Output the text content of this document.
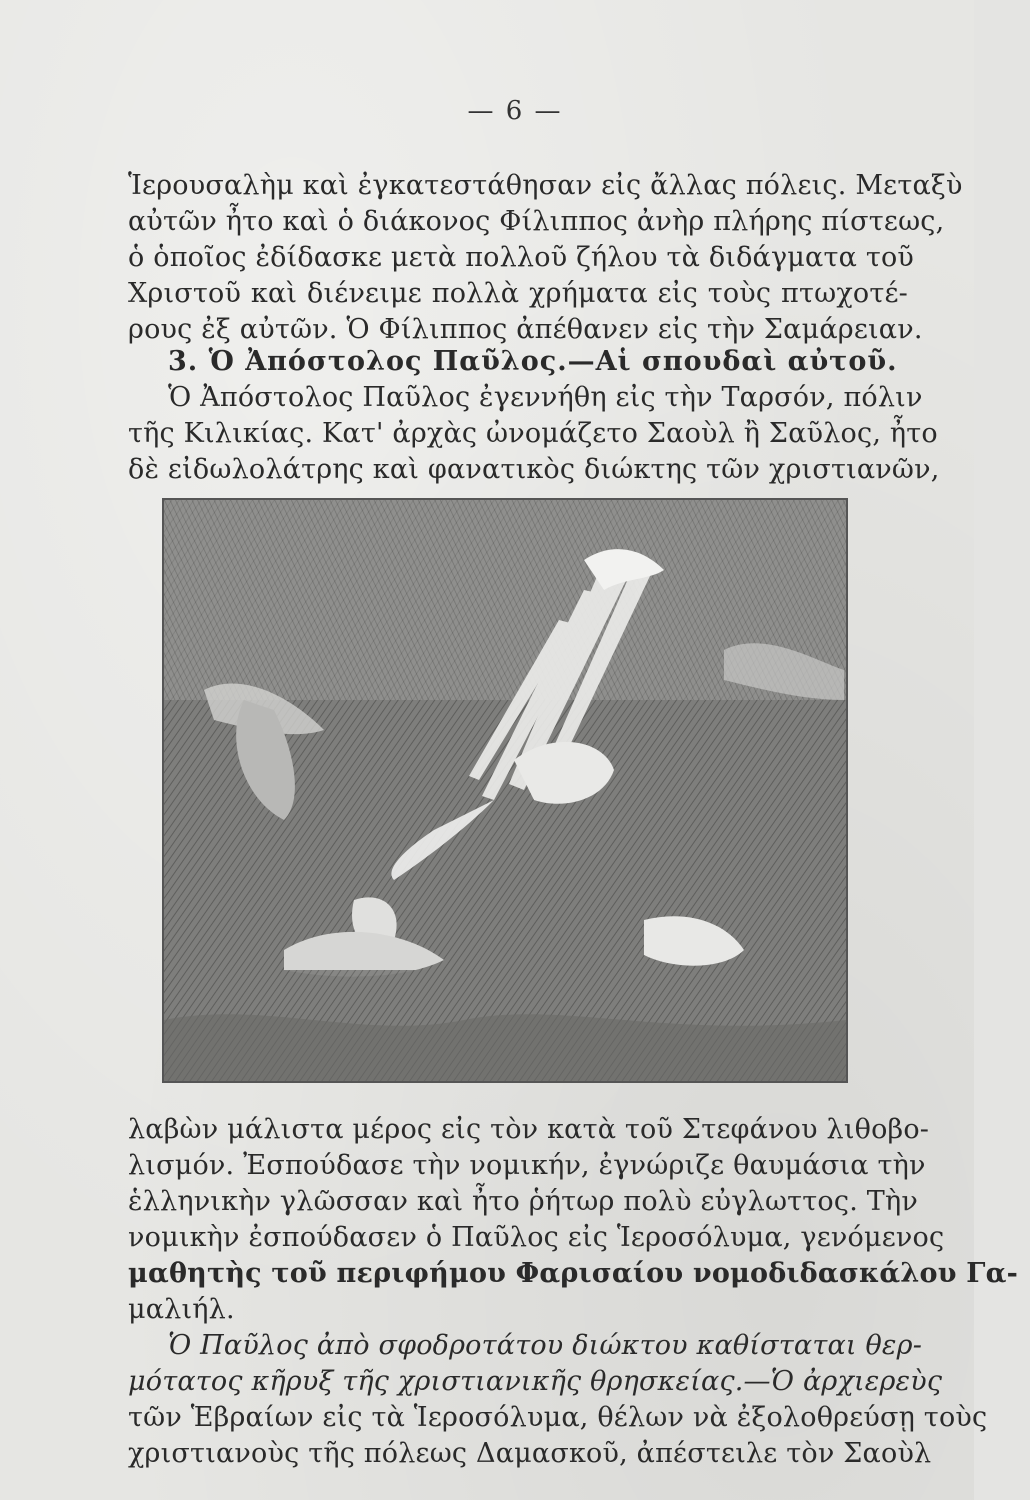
— 6 —
Ἱερουσαλὴμ καὶ ἐγκατεστάθησαν εἰς ἄλλας πόλεις. Μεταξὺ
αὐτῶν ἦτο καὶ ὁ διάκονος Φίλιππος ἀνὴρ πλήρης πίστεως,
ὁ ὁποῖος ἐδίδασκε μετὰ πολλοῦ ζήλου τὰ διδάγματα τοῦ
Χριστοῦ καὶ διένειμε πολλὰ χρήματα εἰς τοὺς πτωχοτέ-
ρους ἐξ αὐτῶν. Ὁ Φίλιππος ἀπέθανεν εἰς τὴν Σαμάρειαν.
3. Ὁ Ἀπόστολος Παῦλος.—Αἱ σπουδαὶ αὐτοῦ.
Ὁ Ἀπόστολος Παῦλος ἐγεννήθη εἰς τὴν Ταρσόν, πόλιν
τῆς Κιλικίας. Κατ' ἀρχὰς ὠνομάζετο Σαοὺλ ἢ Σαῦλος, ἦτο
δὲ εἰδωλολάτρης καὶ φανατικὸς διώκτης τῶν χριστιανῶν,
λαβὼν μάλιστα μέρος εἰς τὸν κατὰ τοῦ Στεφάνου λιθοβο-
λισμόν. Ἐσπούδασε τὴν νομικήν, ἐγνώριζε θαυμάσια τὴν
ἑλληνικὴν γλῶσσαν καὶ ἦτο ῥήτωρ πολὺ εὐγλωττος. Τὴν
νομικὴν ἐσπούδασεν ὁ Παῦλος εἰς Ἱεροσόλυμα, γενόμενος
μαθητὴς τοῦ περιφήμου Φαρισαίου νομοδιδασκάλου Γα-
μαλιήλ.
Ὁ Παῦλος ἀπὸ σφοδροτάτου διώκτου καθίσταται θερ-
μότατος κῆρυξ τῆς χριστιανικῆς θρησκείας.—Ὁ ἀρχιερεὺς
τῶν Ἑβραίων εἰς τὰ Ἱεροσόλυμα, θέλων νὰ ἐξολοθρεύσῃ τοὺς
χριστιανοὺς τῆς πόλεως Δαμασκοῦ, ἀπέστειλε τὸν Σαοὺλ
